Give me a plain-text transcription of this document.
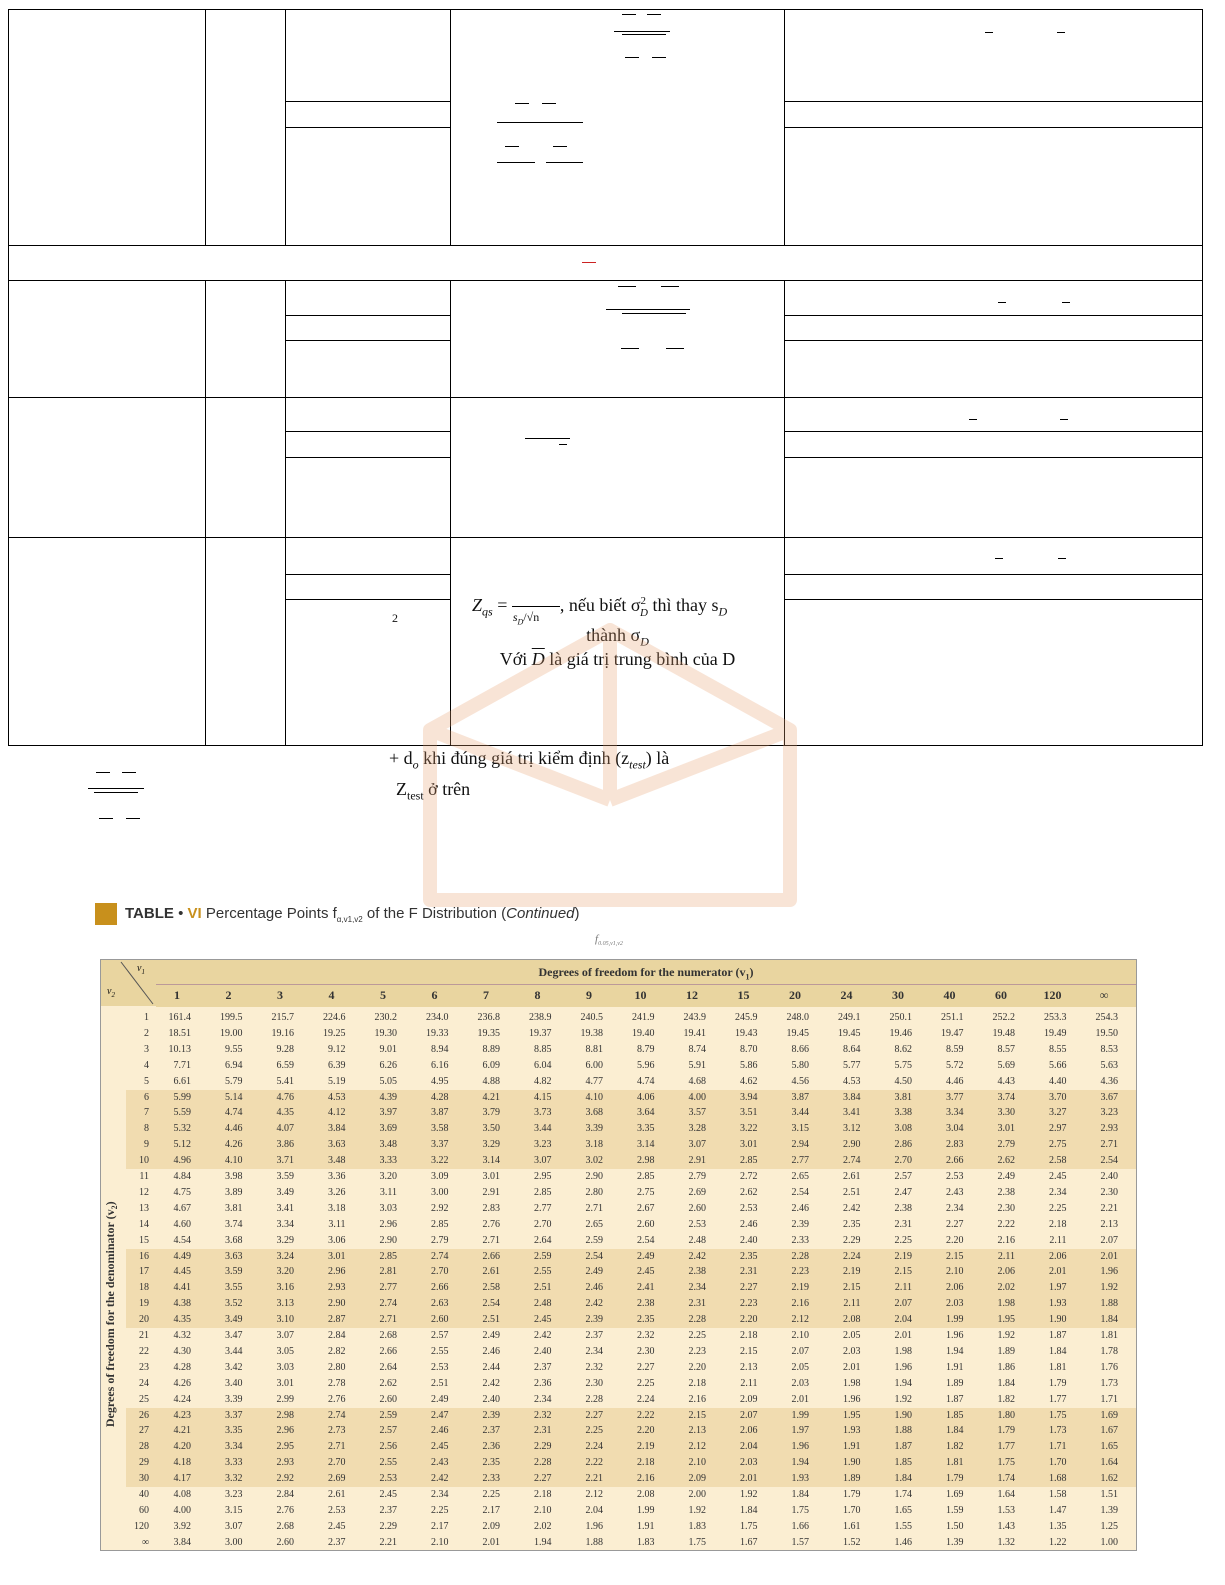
2
$Z_{qs}$ =
$s_D/√n$
, nếu biết $\sigma^2_D$ thì thay $s_D$
thành $\sigma_D$
Với $\overline{D}$ là giá trị trung bình của D
+ $d_o$ khi đúng giá trị kiểm định $(z_{test})$ là
$Z_{test}$ ở trên
TABLE • VI Percentage Points $f_{\alpha,v1,v2}$ of the F Distribution (Continued)
$f_{0.05,v1,v2}$
$v_1$
$v_2$
Degrees of freedom for the numerator $(v_1)$
1	2	3	4	5	6	7	8	9	10	12	15	20	24	30	40	60	120	∞
Degrees of freedom for the denominator $(v_2)$
1	161.4	199.5	215.7	224.6	230.2	234.0	236.8	238.9	240.5	241.9	243.9	245.9	248.0	249.1	250.1	251.1	252.2	253.3	254.3
2	18.51	19.00	19.16	19.25	19.30	19.33	19.35	19.37	19.38	19.40	19.41	19.43	19.45	19.45	19.46	19.47	19.48	19.49	19.50
3	10.13	9.55	9.28	9.12	9.01	8.94	8.89	8.85	8.81	8.79	8.74	8.70	8.66	8.64	8.62	8.59	8.57	8.55	8.53
4	7.71	6.94	6.59	6.39	6.26	6.16	6.09	6.04	6.00	5.96	5.91	5.86	5.80	5.77	5.75	5.72	5.69	5.66	5.63
5	6.61	5.79	5.41	5.19	5.05	4.95	4.88	4.82	4.77	4.74	4.68	4.62	4.56	4.53	4.50	4.46	4.43	4.40	4.36
6	5.99	5.14	4.76	4.53	4.39	4.28	4.21	4.15	4.10	4.06	4.00	3.94	3.87	3.84	3.81	3.77	3.74	3.70	3.67
7	5.59	4.74	4.35	4.12	3.97	3.87	3.79	3.73	3.68	3.64	3.57	3.51	3.44	3.41	3.38	3.34	3.30	3.27	3.23
8	5.32	4.46	4.07	3.84	3.69	3.58	3.50	3.44	3.39	3.35	3.28	3.22	3.15	3.12	3.08	3.04	3.01	2.97	2.93
9	5.12	4.26	3.86	3.63	3.48	3.37	3.29	3.23	3.18	3.14	3.07	3.01	2.94	2.90	2.86	2.83	2.79	2.75	2.71
10	4.96	4.10	3.71	3.48	3.33	3.22	3.14	3.07	3.02	2.98	2.91	2.85	2.77	2.74	2.70	2.66	2.62	2.58	2.54
11	4.84	3.98	3.59	3.36	3.20	3.09	3.01	2.95	2.90	2.85	2.79	2.72	2.65	2.61	2.57	2.53	2.49	2.45	2.40
12	4.75	3.89	3.49	3.26	3.11	3.00	2.91	2.85	2.80	2.75	2.69	2.62	2.54	2.51	2.47	2.43	2.38	2.34	2.30
13	4.67	3.81	3.41	3.18	3.03	2.92	2.83	2.77	2.71	2.67	2.60	2.53	2.46	2.42	2.38	2.34	2.30	2.25	2.21
14	4.60	3.74	3.34	3.11	2.96	2.85	2.76	2.70	2.65	2.60	2.53	2.46	2.39	2.35	2.31	2.27	2.22	2.18	2.13
15	4.54	3.68	3.29	3.06	2.90	2.79	2.71	2.64	2.59	2.54	2.48	2.40	2.33	2.29	2.25	2.20	2.16	2.11	2.07
16	4.49	3.63	3.24	3.01	2.85	2.74	2.66	2.59	2.54	2.49	2.42	2.35	2.28	2.24	2.19	2.15	2.11	2.06	2.01
17	4.45	3.59	3.20	2.96	2.81	2.70	2.61	2.55	2.49	2.45	2.38	2.31	2.23	2.19	2.15	2.10	2.06	2.01	1.96
18	4.41	3.55	3.16	2.93	2.77	2.66	2.58	2.51	2.46	2.41	2.34	2.27	2.19	2.15	2.11	2.06	2.02	1.97	1.92
19	4.38	3.52	3.13	2.90	2.74	2.63	2.54	2.48	2.42	2.38	2.31	2.23	2.16	2.11	2.07	2.03	1.98	1.93	1.88
20	4.35	3.49	3.10	2.87	2.71	2.60	2.51	2.45	2.39	2.35	2.28	2.20	2.12	2.08	2.04	1.99	1.95	1.90	1.84
21	4.32	3.47	3.07	2.84	2.68	2.57	2.49	2.42	2.37	2.32	2.25	2.18	2.10	2.05	2.01	1.96	1.92	1.87	1.81
22	4.30	3.44	3.05	2.82	2.66	2.55	2.46	2.40	2.34	2.30	2.23	2.15	2.07	2.03	1.98	1.94	1.89	1.84	1.78
23	4.28	3.42	3.03	2.80	2.64	2.53	2.44	2.37	2.32	2.27	2.20	2.13	2.05	2.01	1.96	1.91	1.86	1.81	1.76
24	4.26	3.40	3.01	2.78	2.62	2.51	2.42	2.36	2.30	2.25	2.18	2.11	2.03	1.98	1.94	1.89	1.84	1.79	1.73
25	4.24	3.39	2.99	2.76	2.60	2.49	2.40	2.34	2.28	2.24	2.16	2.09	2.01	1.96	1.92	1.87	1.82	1.77	1.71
26	4.23	3.37	2.98	2.74	2.59	2.47	2.39	2.32	2.27	2.22	2.15	2.07	1.99	1.95	1.90	1.85	1.80	1.75	1.69
27	4.21	3.35	2.96	2.73	2.57	2.46	2.37	2.31	2.25	2.20	2.13	2.06	1.97	1.93	1.88	1.84	1.79	1.73	1.67
28	4.20	3.34	2.95	2.71	2.56	2.45	2.36	2.29	2.24	2.19	2.12	2.04	1.96	1.91	1.87	1.82	1.77	1.71	1.65
29	4.18	3.33	2.93	2.70	2.55	2.43	2.35	2.28	2.22	2.18	2.10	2.03	1.94	1.90	1.85	1.81	1.75	1.70	1.64
30	4.17	3.32	2.92	2.69	2.53	2.42	2.33	2.27	2.21	2.16	2.09	2.01	1.93	1.89	1.84	1.79	1.74	1.68	1.62
40	4.08	3.23	2.84	2.61	2.45	2.34	2.25	2.18	2.12	2.08	2.00	1.92	1.84	1.79	1.74	1.69	1.64	1.58	1.51
60	4.00	3.15	2.76	2.53	2.37	2.25	2.17	2.10	2.04	1.99	1.92	1.84	1.75	1.70	1.65	1.59	1.53	1.47	1.39
120	3.92	3.07	2.68	2.45	2.29	2.17	2.09	2.02	1.96	1.91	1.83	1.75	1.66	1.61	1.55	1.50	1.43	1.35	1.25
∞	3.84	3.00	2.60	2.37	2.21	2.10	2.01	1.94	1.88	1.83	1.75	1.67	1.57	1.52	1.46	1.39	1.32	1.22	1.00
